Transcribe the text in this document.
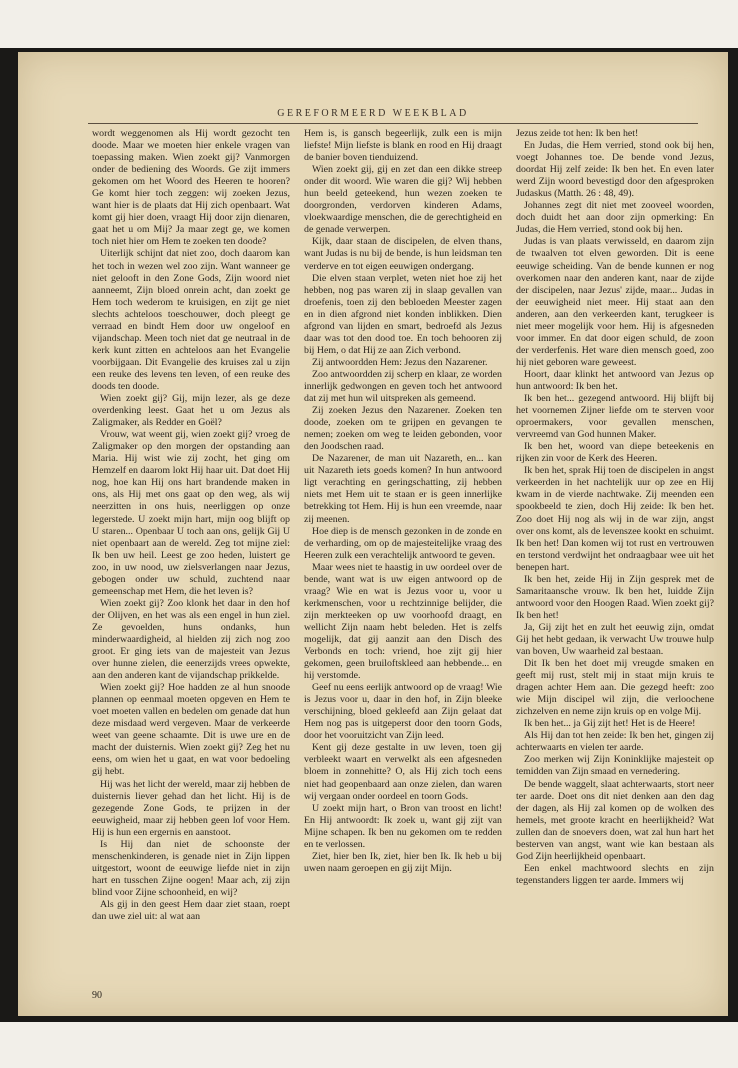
GEREFORMEERD WEEKBLAD

wordt weggenomen als Hij wordt gezocht ten doode. Maar we moeten hier enkele vragen van toepassing maken. Wien zoekt gij? Vanmorgen onder de bediening des Woords. Ge zijt immers gekomen om het Woord des Heeren te hooren? Ge komt hier toch zeggen: wij zoeken Jezus, want hier is de plaats dat Hij zich openbaart. Wat komt gij hier doen, vraagt Hij door zijn dienaren, gaat het u om Mij? Ja maar zegt ge, we komen toch niet hier om Hem te zoeken ten doode?

Uiterlijk schijnt dat niet zoo, doch daarom kan het toch in wezen wel zoo zijn. Want wanneer ge niet gelooft in den Zone Gods, Zijn woord niet aanneemt, Zijn bloed onrein acht, dan zoekt ge Hem toch wederom te kruisigen, en zijt ge niet slechts achteloos toeschouwer, doch pleegt ge verraad en bindt Hem door uw ongeloof en vijandschap. Meen toch niet dat ge neutraal in de kerk kunt zitten en achteloos aan het Evangelie voorbijgaan. Dit Evangelie des kruises zal u zijn een reuke des levens ten leven, of een reuke des doods ten doode.

Wien zoekt gij? Gij, mijn lezer, als ge deze overdenking leest. Gaat het u om Jezus als Zaligmaker, als Redder en Goël?

Vrouw, wat weent gij, wien zoekt gij? vroeg de Zaligmaker op den morgen der opstanding aan Maria. Hij wist wie zij zocht, het ging om Hemzelf en daarom lokt Hij haar uit. Dat doet Hij nog, hoe kan Hij ons hart brandende maken in ons, als Hij met ons gaat op den weg, als wij neerzitten in ons huis, neerliggen op onze legerstede. U zoekt mijn hart, mijn oog blijft op U staren... Openbaar U toch aan ons, gelijk Gij U niet openbaart aan de wereld. Zeg tot mijne ziel: Ik ben uw heil. Leest ge zoo heden, luistert ge zoo, in uw nood, uw zielsverlangen naar Jezus, gebogen onder uw schuld, zuchtend naar gemeenschap met Hem, die het leven is?

Wien zoekt gij? Zoo klonk het daar in den hof der Olijven, en het was als een engel in hun ziel. Ze gevoelden, huns ondanks, hun minderwaardigheid, al hielden zij zich nog zoo groot. Er ging iets van de majesteit van Jezus over hunne zielen, die eenerzijds vrees opwekte, aan den anderen kant de vijandschap prikkelde.

Wien zoekt gij? Hoe hadden ze al hun snoode plannen op eenmaal moeten opgeven en Hem te voet moeten vallen en bedelen om genade dat hun deze misdaad werd vergeven. Maar de verkeerde weet van geene schaamte. Dit is uwe ure en de macht der duisternis. Wien zoekt gij? Zeg het nu eens, om wien het u gaat, en wat voor bedoeling gij hebt.

Hij was het licht der wereld, maar zij hebben de duisternis liever gehad dan het licht. Hij is de gezegende Zone Gods, te prijzen in der eeuwigheid, maar zij hebben geen lof voor Hem. Hij is hun een ergernis en aanstoot.

Is Hij dan niet de schoonste der menschenkinderen, is genade niet in Zijn lippen uitgestort, woont de eeuwige liefde niet in zijn hart en tusschen Zijne oogen! Maar ach, zij zijn blind voor Zijne schoonheid, en wij?

Als gij in den geest Hem daar ziet staan, roept dan uwe ziel uit: al wat aan

Hem is, is gansch begeerlijk, zulk een is mijn liefste! Mijn liefste is blank en rood en Hij draagt de banier boven tienduizend.

Wien zoekt gij, gij en zet dan een dikke streep onder dit woord. Wie waren die gij? Wij hebben hun beeld geteekend, hun wezen zoeken te doorgronden, verdorven kinderen Adams, vloekwaardige menschen, die de gerechtigheid en de genade verwerpen.

Kijk, daar staan de discipelen, de elven thans, want Judas is nu bij de bende, is hun leidsman ten verderve en tot eigen eeuwigen ondergang.

Die elven staan verplet, weten niet hoe zij het hebben, nog pas waren zij in slaap gevallen van droefenis, toen zij den bebloeden Meester zagen en in dien afgrond niet konden inblikken. Dien afgrond van lijden en smart, bedroefd als Jezus daar was tot den dood toe. En toch behooren zij bij Hem, o dat Hij ze aan Zich verbond.

Zij antwoordden Hem: Jezus den Nazarener.

Zoo antwoordden zij scherp en klaar, ze worden innerlijk gedwongen en geven toch het antwoord dat zij met hun wil uitspreken als gemeend.

Zij zoeken Jezus den Nazarener. Zoeken ten doode, zoeken om te grijpen en gevangen te nemen; zoeken om weg te leiden gebonden, voor den Joodschen raad.

De Nazarener, de man uit Nazareth, en... kan uit Nazareth iets goeds komen? In hun antwoord ligt verachting en geringschatting, zij hebben niets met Hem uit te staan er is geen innerlijke betrekking tot Hem. Hij is hun een vreemde, naar zij meenen.

Hoe diep is de mensch gezonken in de zonde en de verharding, om op de majesteitelijke vraag des Heeren zulk een verachtelijk antwoord te geven.

Maar wees niet te haastig in uw oordeel over de bende, want wat is uw eigen antwoord op de vraag? Wie en wat is Jezus voor u, voor u kerkmenschen, voor u rechtzinnige belijder, die zijn merkteeken op uw voorhoofd draagt, en wellicht Zijn naam hebt beleden. Het is zelfs mogelijk, dat gij aanzit aan den Disch des Verbonds en toch: vriend, hoe zijt gij hier gekomen, geen bruiloftskleed aan hebbende... en hij verstomde.

Geef nu eens eerlijk antwoord op de vraag! Wie is Jezus voor u, daar in den hof, in Zijn bleeke verschijning, bloed gekleefd aan Zijn gelaat dat Hem nog pas is uitgeperst door den toorn Gods, door het vooruitzicht van Zijn leed.

Kent gij deze gestalte in uw leven, toen gij verbleekt waart en verwelkt als een afgesneden bloem in zonnehitte? O, als Hij zich toch eens niet had geopenbaard aan onze zielen, dan waren wij vergaan onder oordeel en toorn Gods.

U zoekt mijn hart, o Bron van troost en licht! En Hij antwoordt: Ik zoek u, want gij zijt van Mijne schapen. Ik ben nu gekomen om te redden en te verlossen.

Ziet, hier ben Ik, ziet, hier ben Ik. Ik heb u bij uwen naam geroepen en gij zijt Mijn.

Jezus zeide tot hen: Ik ben het!

En Judas, die Hem verried, stond ook bij hen, voegt Johannes toe. De bende vond Jezus, doordat Hij zelf zeide: Ik ben het. En even later werd Zijn woord bevestigd door den afgesproken Judaskus (Matth. 26 : 48, 49).

Johannes zegt dit niet met zooveel woorden, doch duidt het aan door zijn opmerking: En Judas, die Hem verried, stond ook bij hen.

Judas is van plaats verwisseld, en daarom zijn de twaalven tot elven geworden. Dit is eene eeuwige scheiding. Van de bende kunnen er nog overkomen naar den anderen kant, naar de zijde der discipelen, naar Jezus' zijde, maar... Judas in der eeuwigheid niet meer. Hij staat aan den anderen, aan den verkeerden kant, terugkeer is niet meer mogelijk voor hem. Hij is afgesneden voor immer. En dat door eigen schuld, de zoon der verderfenis. Het ware dien mensch goed, zoo hij niet geboren ware geweest.

Hoort, daar klinkt het antwoord van Jezus op hun antwoord: Ik ben het.

Ik ben het... gezegend antwoord. Hij blijft bij het voornemen Zijner liefde om te sterven voor oproermakers, voor gevallen menschen, vervreemd van God hunnen Maker.

Ik ben het, woord van diepe beteekenis en rijken zin voor de Kerk des Heeren.

Ik ben het, sprak Hij toen de discipelen in angst verkeerden in het nachtelijk uur op zee en Hij kwam in de vierde nachtwake. Zij meenden een spookbeeld te zien, doch Hij zeide: Ik ben het. Zoo doet Hij nog als wij in de war zijn, angst over ons komt, als de levenszee kookt en schuimt. Ik ben het! Dan komen wij tot rust en vertrouwen en terstond verdwijnt het ondraagbaar wee uit het benepen hart.

Ik ben het, zeide Hij in Zijn gesprek met de Samaritaansche vrouw. Ik ben het, luidde Zijn antwoord voor den Hoogen Raad. Wien zoekt gij? Ik ben het!

Ja, Gij zijt het en zult het eeuwig zijn, omdat Gij het hebt gedaan, ik verwacht Uw trouwe hulp van boven, Uw waarheid zal bestaan.

Dit Ik ben het doet mij vreugde smaken en geeft mij rust, stelt mij in staat mijn kruis te dragen achter Hem aan. Die gezegd heeft: zoo wie Mijn discipel wil zijn, die verloochene zichzelven en neme zijn kruis op en volge Mij.

Ik ben het... ja Gij zijt het! Het is de Heere!

Als Hij dan tot hen zeide: Ik ben het, gingen zij achterwaarts en vielen ter aarde.

Zoo merken wij Zijn Koninklijke majesteit op temidden van Zijn smaad en vernedering.

De bende waggelt, slaat achterwaarts, stort neer ter aarde. Doet ons dit niet denken aan den dag der dagen, als Hij zal komen op de wolken des hemels, met groote kracht en heerlijkheid? Wat zullen dan de snoevers doen, wat zal hun hart het besterven van angst, want wie kan bestaan als God Zijn heerlijkheid openbaart.

Een enkel machtwoord slechts en zijn tegenstanders liggen ter aarde. Immers wij

90
